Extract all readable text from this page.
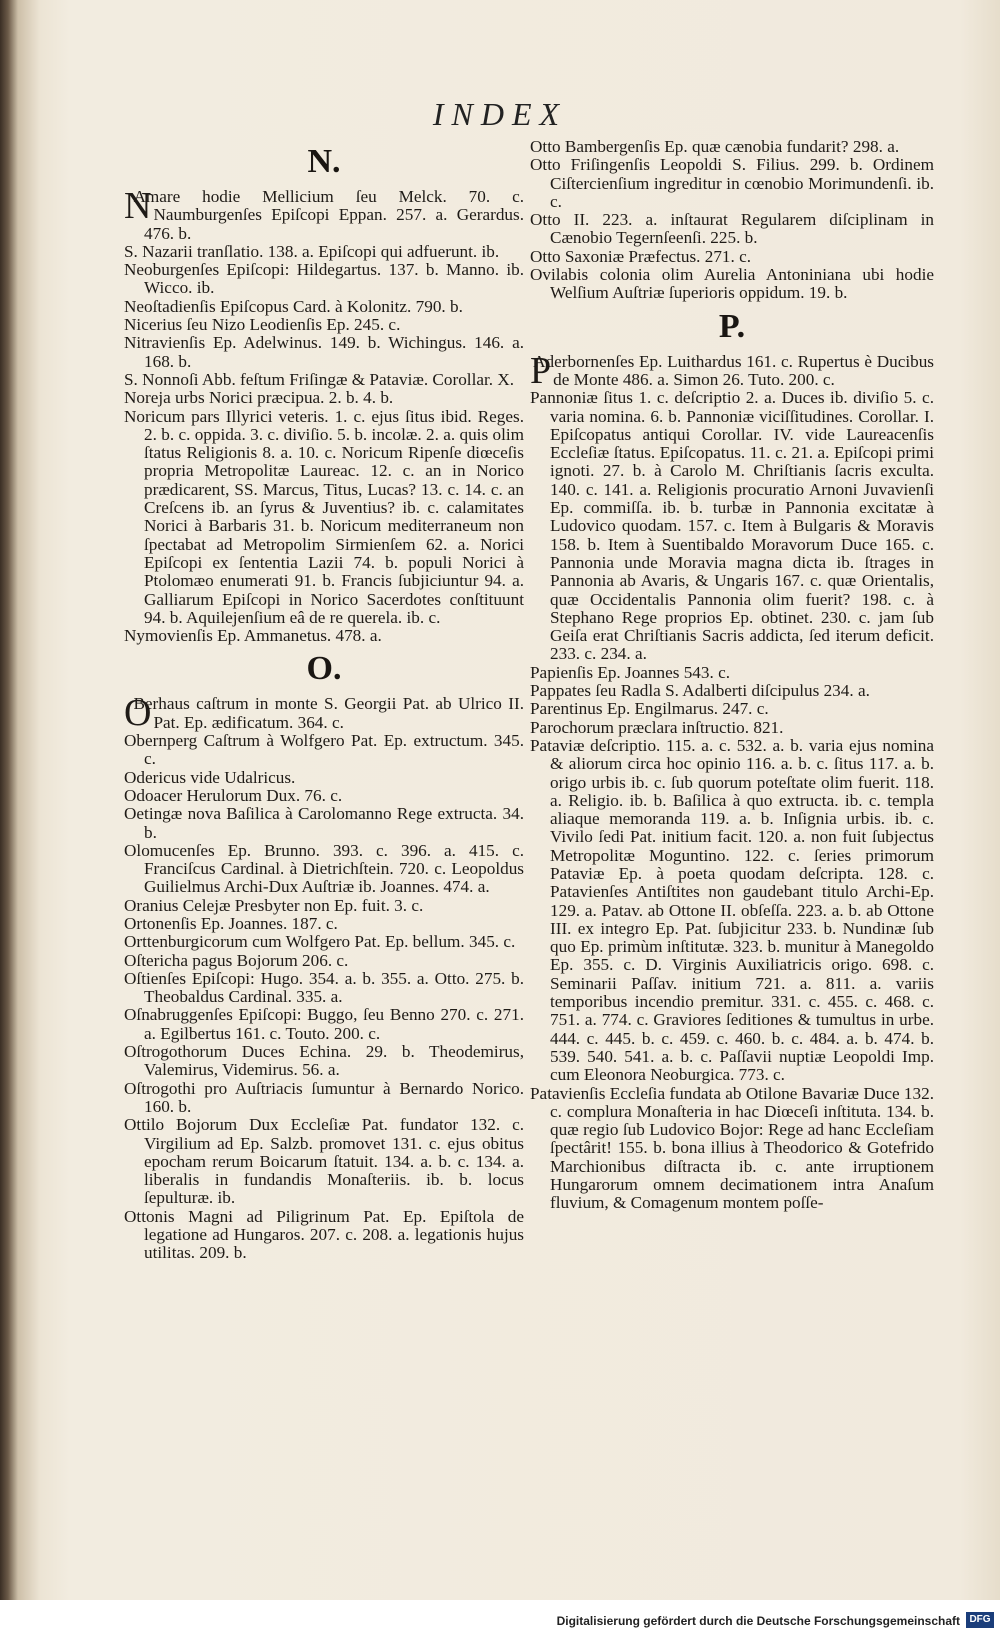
INDEX
N.
NAmare hodie Mellicium ſeu Melck. 70. c. Naumburgenſes Epiſcopi Eppan. 257. a. Gerardus. 476. b.
S. Nazarii tranſlatio. 138. a. Epiſcopi qui adfuerunt. ib.
Neoburgenſes Epiſcopi: Hildegartus. 137. b. Manno. ib. Wicco. ib.
Neoſtadienſis Epiſcopus Card. à Kolonitz. 790. b.
Nicerius ſeu Nizo Leodienſis Ep. 245. c.
Nitravienſis Ep. Adelwinus. 149. b. Wichingus. 146. a. 168. b.
S. Nonnoſi Abb. feſtum Friſingæ & Pataviæ. Corollar. X.
Noreja urbs Norici præcipua. 2. b. 4. b.
Noricum pars Illyrici veteris. 1. c. ejus ſitus ibid. Reges. 2. b. c. oppida. 3. c. diviſio. 5. b. incolæ. 2. a. quis olim ſtatus Religionis 8. a. 10. c. Noricum Ripenſe diœceſis propria Metropolitæ Laureac. 12. c. an in Norico prædicarent, SS. Marcus, Titus, Lucas? 13. c. 14. c. an Creſcens ib. an ſyrus & Juventius? ib. c. calamitates Norici à Barbaris 31. b. Noricum mediterraneum non ſpectabat ad Metropolim Sirmienſem 62. a. Norici Epiſcopi ex ſententia Lazii 74. b. populi Norici à Ptolomæo enumerati 91. b. Francis ſubjiciuntur 94. a. Galliarum Epiſcopi in Norico Sacerdotes conſtituunt 94. b. Aquilejenſium eâ de re querela. ib. c.
Nymovienſis Ep. Ammanetus. 478. a.
O.
OBerhaus caſtrum in monte S. Georgii Pat. ab Ulrico II. Pat. Ep. ædificatum. 364. c.
Obernperg Caſtrum à Wolfgero Pat. Ep. extructum. 345. c.
Odericus vide Udalricus.
Odoacer Herulorum Dux. 76. c.
Oetingæ nova Baſilica à Carolomanno Rege extructa. 34. b.
Olomucenſes Ep. Brunno. 393. c. 396. a. 415. c. Franciſcus Cardinal. à Dietrichſtein. 720. c. Leopoldus Guilielmus Archi-Dux Auſtriæ ib. Joannes. 474. a.
Oranius Celejæ Presbyter non Ep. fuit. 3. c.
Ortonenſis Ep. Joannes. 187. c.
Orttenburgicorum cum Wolfgero Pat. Ep. bellum. 345. c.
Oſtericha pagus Bojorum 206. c.
Oſtienſes Epiſcopi: Hugo. 354. a. b. 355. a. Otto. 275. b. Theobaldus Cardinal. 335. a.
Oſnabruggenſes Epiſcopi: Buggo, ſeu Benno 270. c. 271. a. Egilbertus 161. c. Touto. 200. c.
Oſtrogothorum Duces Echina. 29. b. Theodemirus, Valemirus, Videmirus. 56. a.
Oſtrogothi pro Auſtriacis ſumuntur à Bernardo Norico. 160. b.
Ottilo Bojorum Dux Eccleſiæ Pat. fundator 132. c. Virgilium ad Ep. Salzb. promovet 131. c. ejus obitus epocham rerum Boicarum ſtatuit. 134. a. b. c. 134. a. liberalis in fundandis Monaſteriis. ib. b. locus ſepulturæ. ib.
Ottonis Magni ad Piligrinum Pat. Ep. Epiſtola de legatione ad Hungaros. 207. c. 208. a. legationis hujus utilitas. 209. b.
Otto Bambergenſis Ep. quæ cænobia fundarit? 298. a.
Otto Friſingenſis Leopoldi S. Filius. 299. b. Ordinem Ciſtercienſium ingreditur in cœnobio Morimundenſi. ib. c.
Otto II. 223. a. inſtaurat Regularem diſciplinam in Cænobio Tegernſeenſi. 225. b.
Otto Saxoniæ Præfectus. 271. c.
Ovilabis colonia olim Aurelia Antoniniana ubi hodie Welſium Auſtriæ ſuperioris oppidum. 19. b.
P.
PAderbornenſes Ep. Luithardus 161. c. Rupertus è Ducibus de Monte 486. a. Simon 26. Tuto. 200. c.
Pannoniæ ſitus 1. c. deſcriptio 2. a. Duces ib. diviſio 5. c. varia nomina. 6. b. Pannoniæ viciſſitudines. Corollar. I. Epiſcopatus antiqui Corollar. IV. vide Laureacenſis Eccleſiæ ſtatus. Epiſcopatus. 11. c. 21. a. Epiſcopi primi ignoti. 27. b. à Carolo M. Chriſtianis ſacris exculta. 140. c. 141. a. Religionis procuratio Arnoni Juvavienſi Ep. commiſſa. ib. b. turbæ in Pannonia excitatæ à Ludovico quodam. 157. c. Item à Bulgaris & Moravis 158. b. Item à Suentibaldo Moravorum Duce 165. c. Pannonia unde Moravia magna dicta ib. ſtrages in Pannonia ab Avaris, & Ungaris 167. c. quæ Orientalis, quæ Occidentalis Pannonia olim fuerit? 198. c. à Stephano Rege proprios Ep. obtinet. 230. c. jam ſub Geiſa erat Chriſtianis Sacris addicta, ſed iterum deficit. 233. c. 234. a.
Papienſis Ep. Joannes 543. c.
Pappates ſeu Radla S. Adalberti diſcipulus 234. a.
Parentinus Ep. Engilmarus. 247. c.
Parochorum præclara inſtructio. 821.
Pataviæ deſcriptio. 115. a. c. 532. a. b. varia ejus nomina & aliorum circa hoc opinio 116. a. b. c. ſitus 117. a. b. origo urbis ib. c. ſub quorum poteſtate olim fuerit. 118. a. Religio. ib. b. Baſilica à quo extructa. ib. c. templa aliaque memoranda 119. a. b. Inſignia urbis. ib. c. Vivilo ſedi Pat. initium facit. 120. a. non fuit ſubjectus Metropolitæ Moguntino. 122. c. ſeries primorum Pataviæ Ep. à poeta quodam deſcripta. 128. c. Patavienſes Antiſtites non gaudebant titulo Archi-Ep. 129. a. Patav. ab Ottone II. obſeſſa. 223. a. b. ab Ottone III. ex integro Ep. Pat. ſubjicitur 233. b. Nundinæ ſub quo Ep. primùm inſtitutæ. 323. b. munitur à Manegoldo Ep. 355. c. D. Virginis Auxiliatricis origo. 698. c. Seminarii Paſſav. initium 721. a. 811. a. variis temporibus incendio premitur. 331. c. 455. c. 468. c. 751. a. 774. c. Graviores ſeditiones & tumultus in urbe. 444. c. 445. b. c. 459. c. 460. b. c. 484. a. b. 474. b. 539. 540. 541. a. b. c. Paſſavii nuptiæ Leopoldi Imp. cum Eleonora Neoburgica. 773. c.
Patavienſis Eccleſia fundata ab Otilone Bavariæ Duce 132. c. complura Monaſteria in hac Diœceſi inſtituta. 134. b. quæ regio ſub Ludovico Bojor: Rege ad hanc Eccleſiam ſpectârit! 155. b. bona illius à Theodorico & Gotefrido Marchionibus diſtracta ib. c. ante irruptionem Hungarorum omnem decimationem intra Anaſum fluvium, & Comagenum montem poſſe-
Digitalisierung gefördert durch die Deutsche Forschungsgemeinschaft DFG
